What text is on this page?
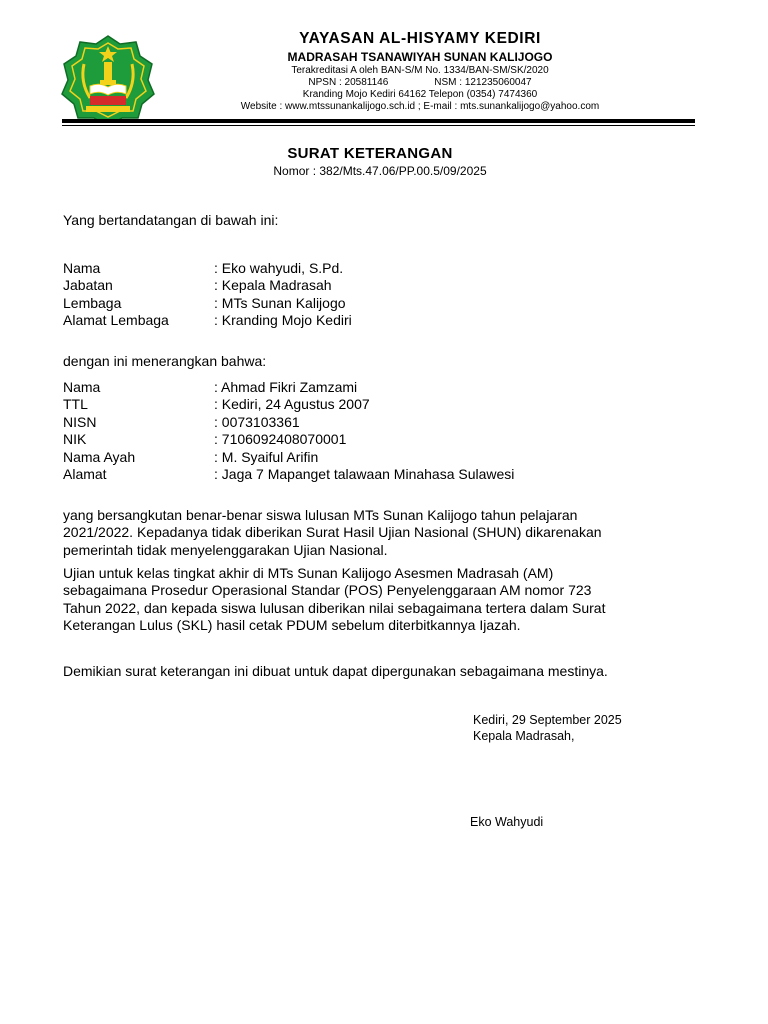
YAYASAN AL-HISYAMY KEDIRI
MADRASAH TSANAWIYAH SUNAN KALIJOGO
Terakreditasi A oleh BAN-S/M No. 1334/BAN-SM/SK/2020
NPSN : 20581146	NSM : 121235060047
Kranding Mojo Kediri 64162 Telepon (0354) 7474360
Website : www.mtssunankalijogo.sch.id ; E-mail : mts.sunankalijogo@yahoo.com
SURAT KETERANGAN
Nomor : 382/Mts.47.06/PP.00.5/09/2025
Yang bertandatangan di bawah ini:
Nama	: Eko wahyudi, S.Pd.
Jabatan	: Kepala Madrasah
Lembaga	: MTs Sunan Kalijogo
Alamat Lembaga	: Kranding Mojo Kediri
dengan ini menerangkan bahwa:
Nama	: Ahmad Fikri Zamzami
TTL	: Kediri, 24 Agustus 2007
NISN	: 0073103361
NIK	: 7106092408070001
Nama Ayah	: M. Syaiful Arifin
Alamat	: Jaga 7 Mapanget talawaan Minahasa Sulawesi
yang bersangkutan benar-benar siswa lulusan MTs Sunan Kalijogo tahun pelajaran
2021/2022. Kepadanya tidak diberikan Surat Hasil Ujian Nasional (SHUN) dikarenakan
pemerintah tidak menyelenggarakan Ujian Nasional.
Ujian untuk kelas tingkat akhir di MTs Sunan Kalijogo Asesmen Madrasah (AM)
sebagaimana Prosedur Operasional Standar (POS) Penyelenggaraan AM nomor 723
Tahun 2022, dan kepada siswa lulusan diberikan nilai sebagaimana tertera dalam Surat
Keterangan Lulus (SKL) hasil cetak PDUM sebelum diterbitkannya Ijazah.
Demikian surat keterangan ini dibuat untuk dapat dipergunakan sebagaimana mestinya.
Kediri, 29 September 2025
Kepala Madrasah,
Eko Wahyudi
